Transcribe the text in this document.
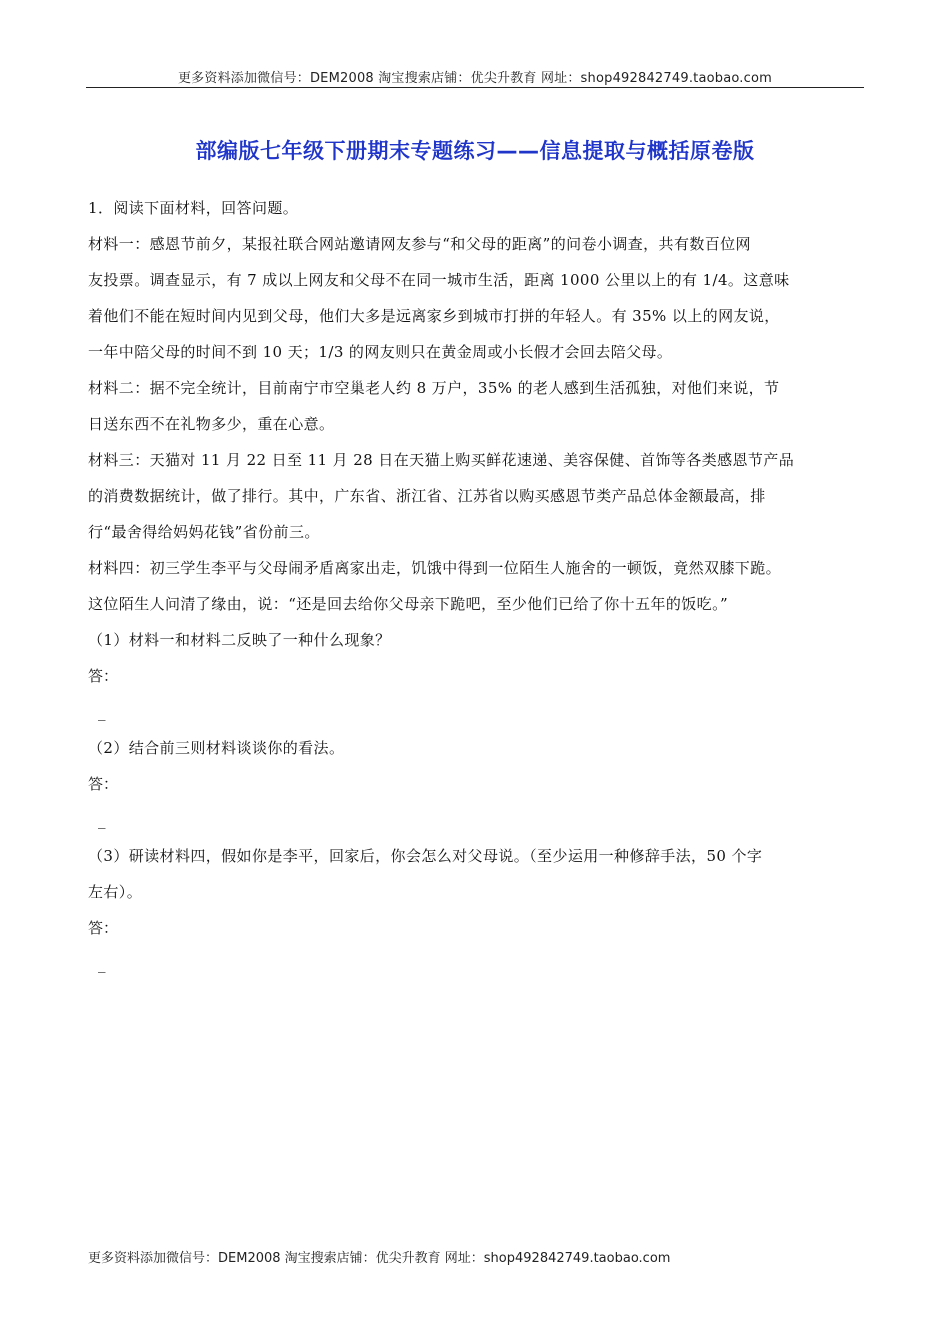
更多资料添加微信号：DEM2008 淘宝搜索店铺：优尖升教育 网址：shop492842749.taobao.com
部编版七年级下册期末专题练习——信息提取与概括原卷版
1．阅读下面材料，回答问题。
材料一：感恩节前夕，某报社联合网站邀请网友参与“和父母的距离”的问卷小调查，共有数百位网
友投票。调查显示，有 7 成以上网友和父母不在同一城市生活，距离 1000 公里以上的有 1/4。这意味
着他们不能在短时间内见到父母，他们大多是远离家乡到城市打拼的年轻人。有 35% 以上的网友说，
一年中陪父母的时间不到 10 天；1/3 的网友则只在黄金周或小长假才会回去陪父母。
材料二：据不完全统计，目前南宁市空巢老人约 8 万户，35% 的老人感到生活孤独，对他们来说，节
日送东西不在礼物多少，重在心意。
材料三：天猫对 11 月 22 日至 11 月 28 日在天猫上购买鲜花速递、美容保健、首饰等各类感恩节产品
的消费数据统计，做了排行。其中，广东省、浙江省、江苏省以购买感恩节类产品总体金额最高，排
行“最舍得给妈妈花钱”省份前三。
材料四：初三学生李平与父母闹矛盾离家出走，饥饿中得到一位陌生人施舍的一顿饭，竟然双膝下跪。
这位陌生人问清了缘由，说：“还是回去给你父母亲下跪吧，至少他们已给了你十五年的饭吃。”
（1）材料一和材料二反映了一种什么现象？
答：
_
（2）结合前三则材料谈谈你的看法。
答：
_
（3）研读材料四，假如你是李平，回家后，你会怎么对父母说。（至少运用一种修辞手法，50 个字
左右）。
答：
_
更多资料添加微信号：DEM2008 淘宝搜索店铺：优尖升教育 网址：shop492842749.taobao.com
